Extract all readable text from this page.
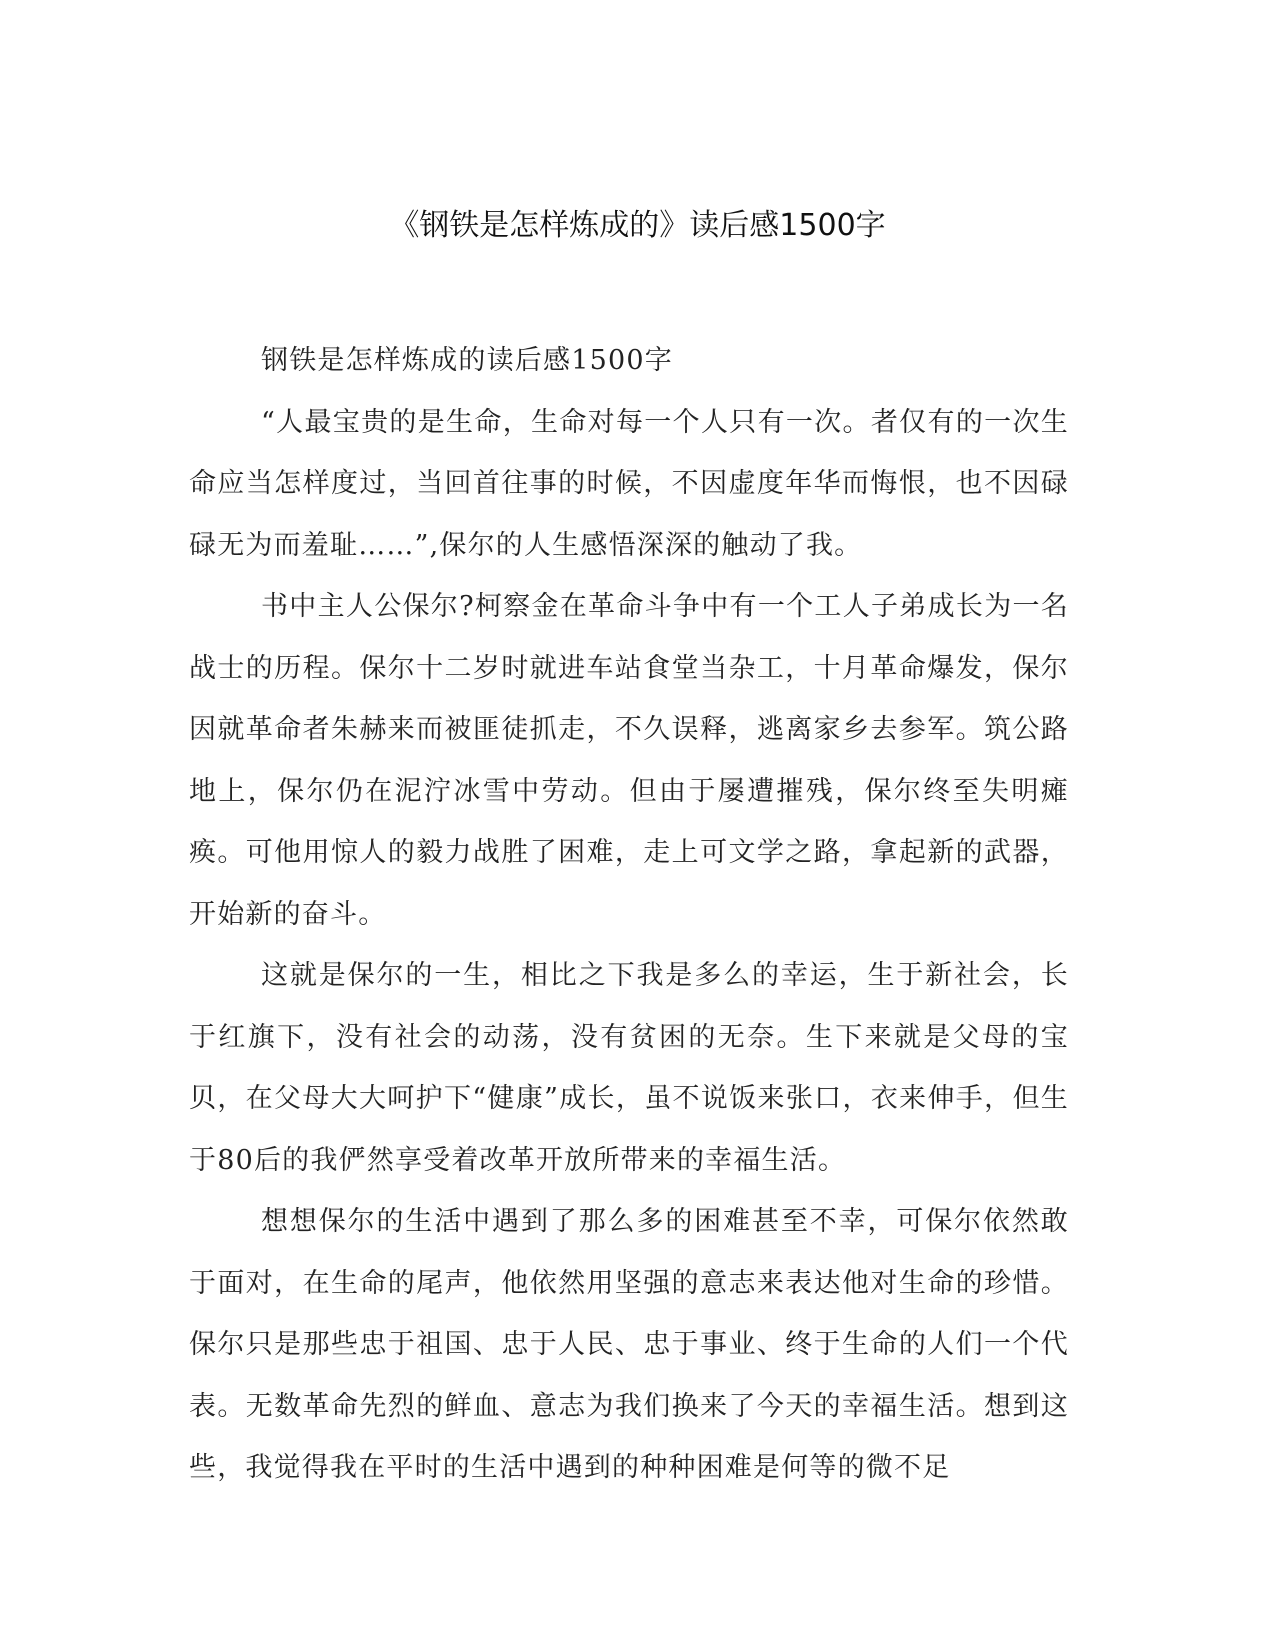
《钢铁是怎样炼成的》读后感1500字

钢铁是怎样炼成的读后感1500字

“人最宝贵的是生命，生命对每一个人只有一次。者仅有的一次生命应当怎样度过，当回首往事的时候，不因虚度年华而悔恨，也不因碌碌无为而羞耻……”,保尔的人生感悟深深的触动了我。

书中主人公保尔?柯察金在革命斗争中有一个工人子弟成长为一名战士的历程。保尔十二岁时就进车站食堂当杂工，十月革命爆发，保尔因就革命者朱赫来而被匪徒抓走，不久误释，逃离家乡去参军。筑公路地上，保尔仍在泥泞冰雪中劳动。但由于屡遭摧残，保尔终至失明瘫痪。可他用惊人的毅力战胜了困难，走上可文学之路，拿起新的武器，开始新的奋斗。

这就是保尔的一生，相比之下我是多么的幸运，生于新社会，长于红旗下，没有社会的动荡，没有贫困的无奈。生下来就是父母的宝贝，在父母大大呵护下“健康”成长，虽不说饭来张口，衣来伸手，但生于80后的我俨然享受着改革开放所带来的幸福生活。

想想保尔的生活中遇到了那么多的困难甚至不幸，可保尔依然敢于面对，在生命的尾声，他依然用坚强的意志来表达他对生命的珍惜。保尔只是那些忠于祖国、忠于人民、忠于事业、终于生命的人们一个代表。无数革命先烈的鲜血、意志为我们换来了今天的幸福生活。想到这些，我觉得我在平时的生活中遇到的种种困难是何等的微不足
